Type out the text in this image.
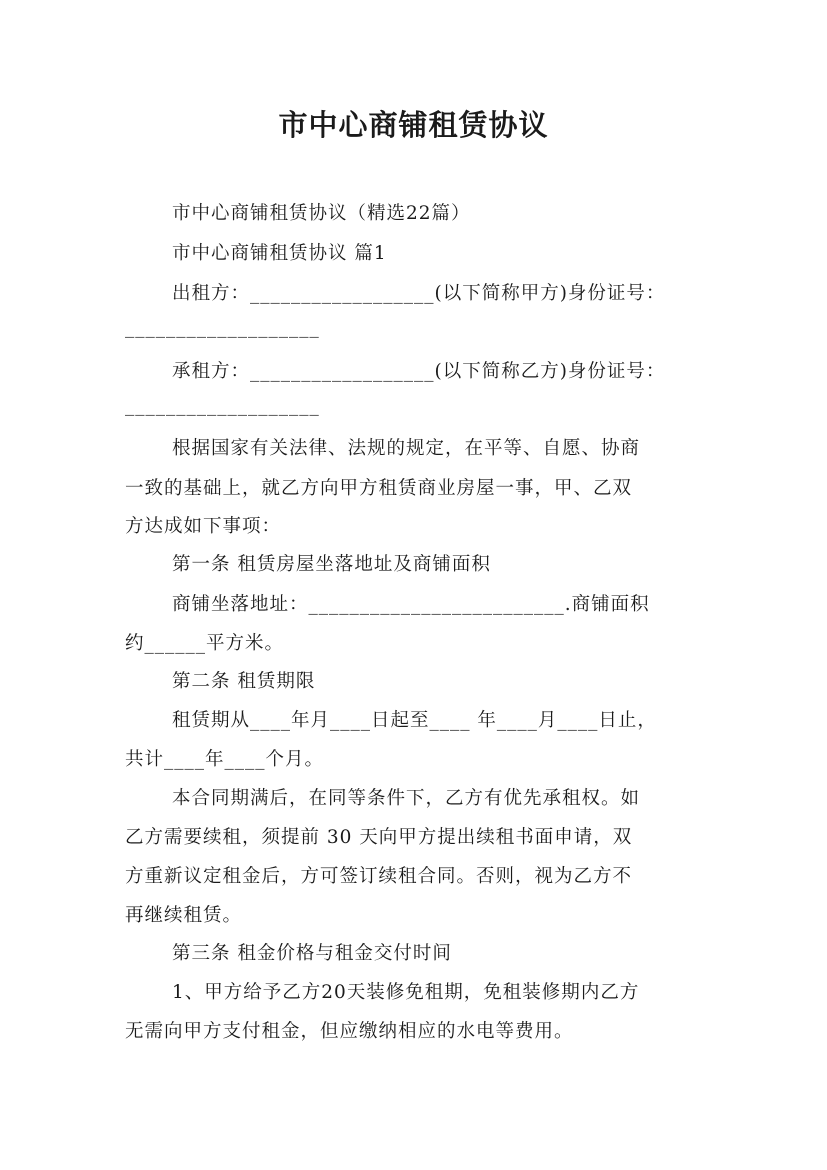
市中心商铺租赁协议
市中心商铺租赁协议（精选22篇）
市中心商铺租赁协议 篇1
出租方：__________________(以下简称甲方)身份证号：
___________________
承租方：__________________(以下简称乙方)身份证号：
___________________
根据国家有关法律、法规的规定，在平等、自愿、协商
一致的基础上，就乙方向甲方租赁商业房屋一事，甲、乙双
方达成如下事项：
第一条 租赁房屋坐落地址及商铺面积
商铺坐落地址：_________________________.商铺面积
约______平方米。
第二条 租赁期限
租赁期从____年月____日起至____ 年____月____日止，
共计____年____个月。
本合同期满后，在同等条件下，乙方有优先承租权。如
乙方需要续租，须提前 30 天向甲方提出续租书面申请，双
方重新议定租金后，方可签订续租合同。否则，视为乙方不
再继续租赁。
第三条 租金价格与租金交付时间
1、甲方给予乙方20天装修免租期，免租装修期内乙方
无需向甲方支付租金，但应缴纳相应的水电等费用。
